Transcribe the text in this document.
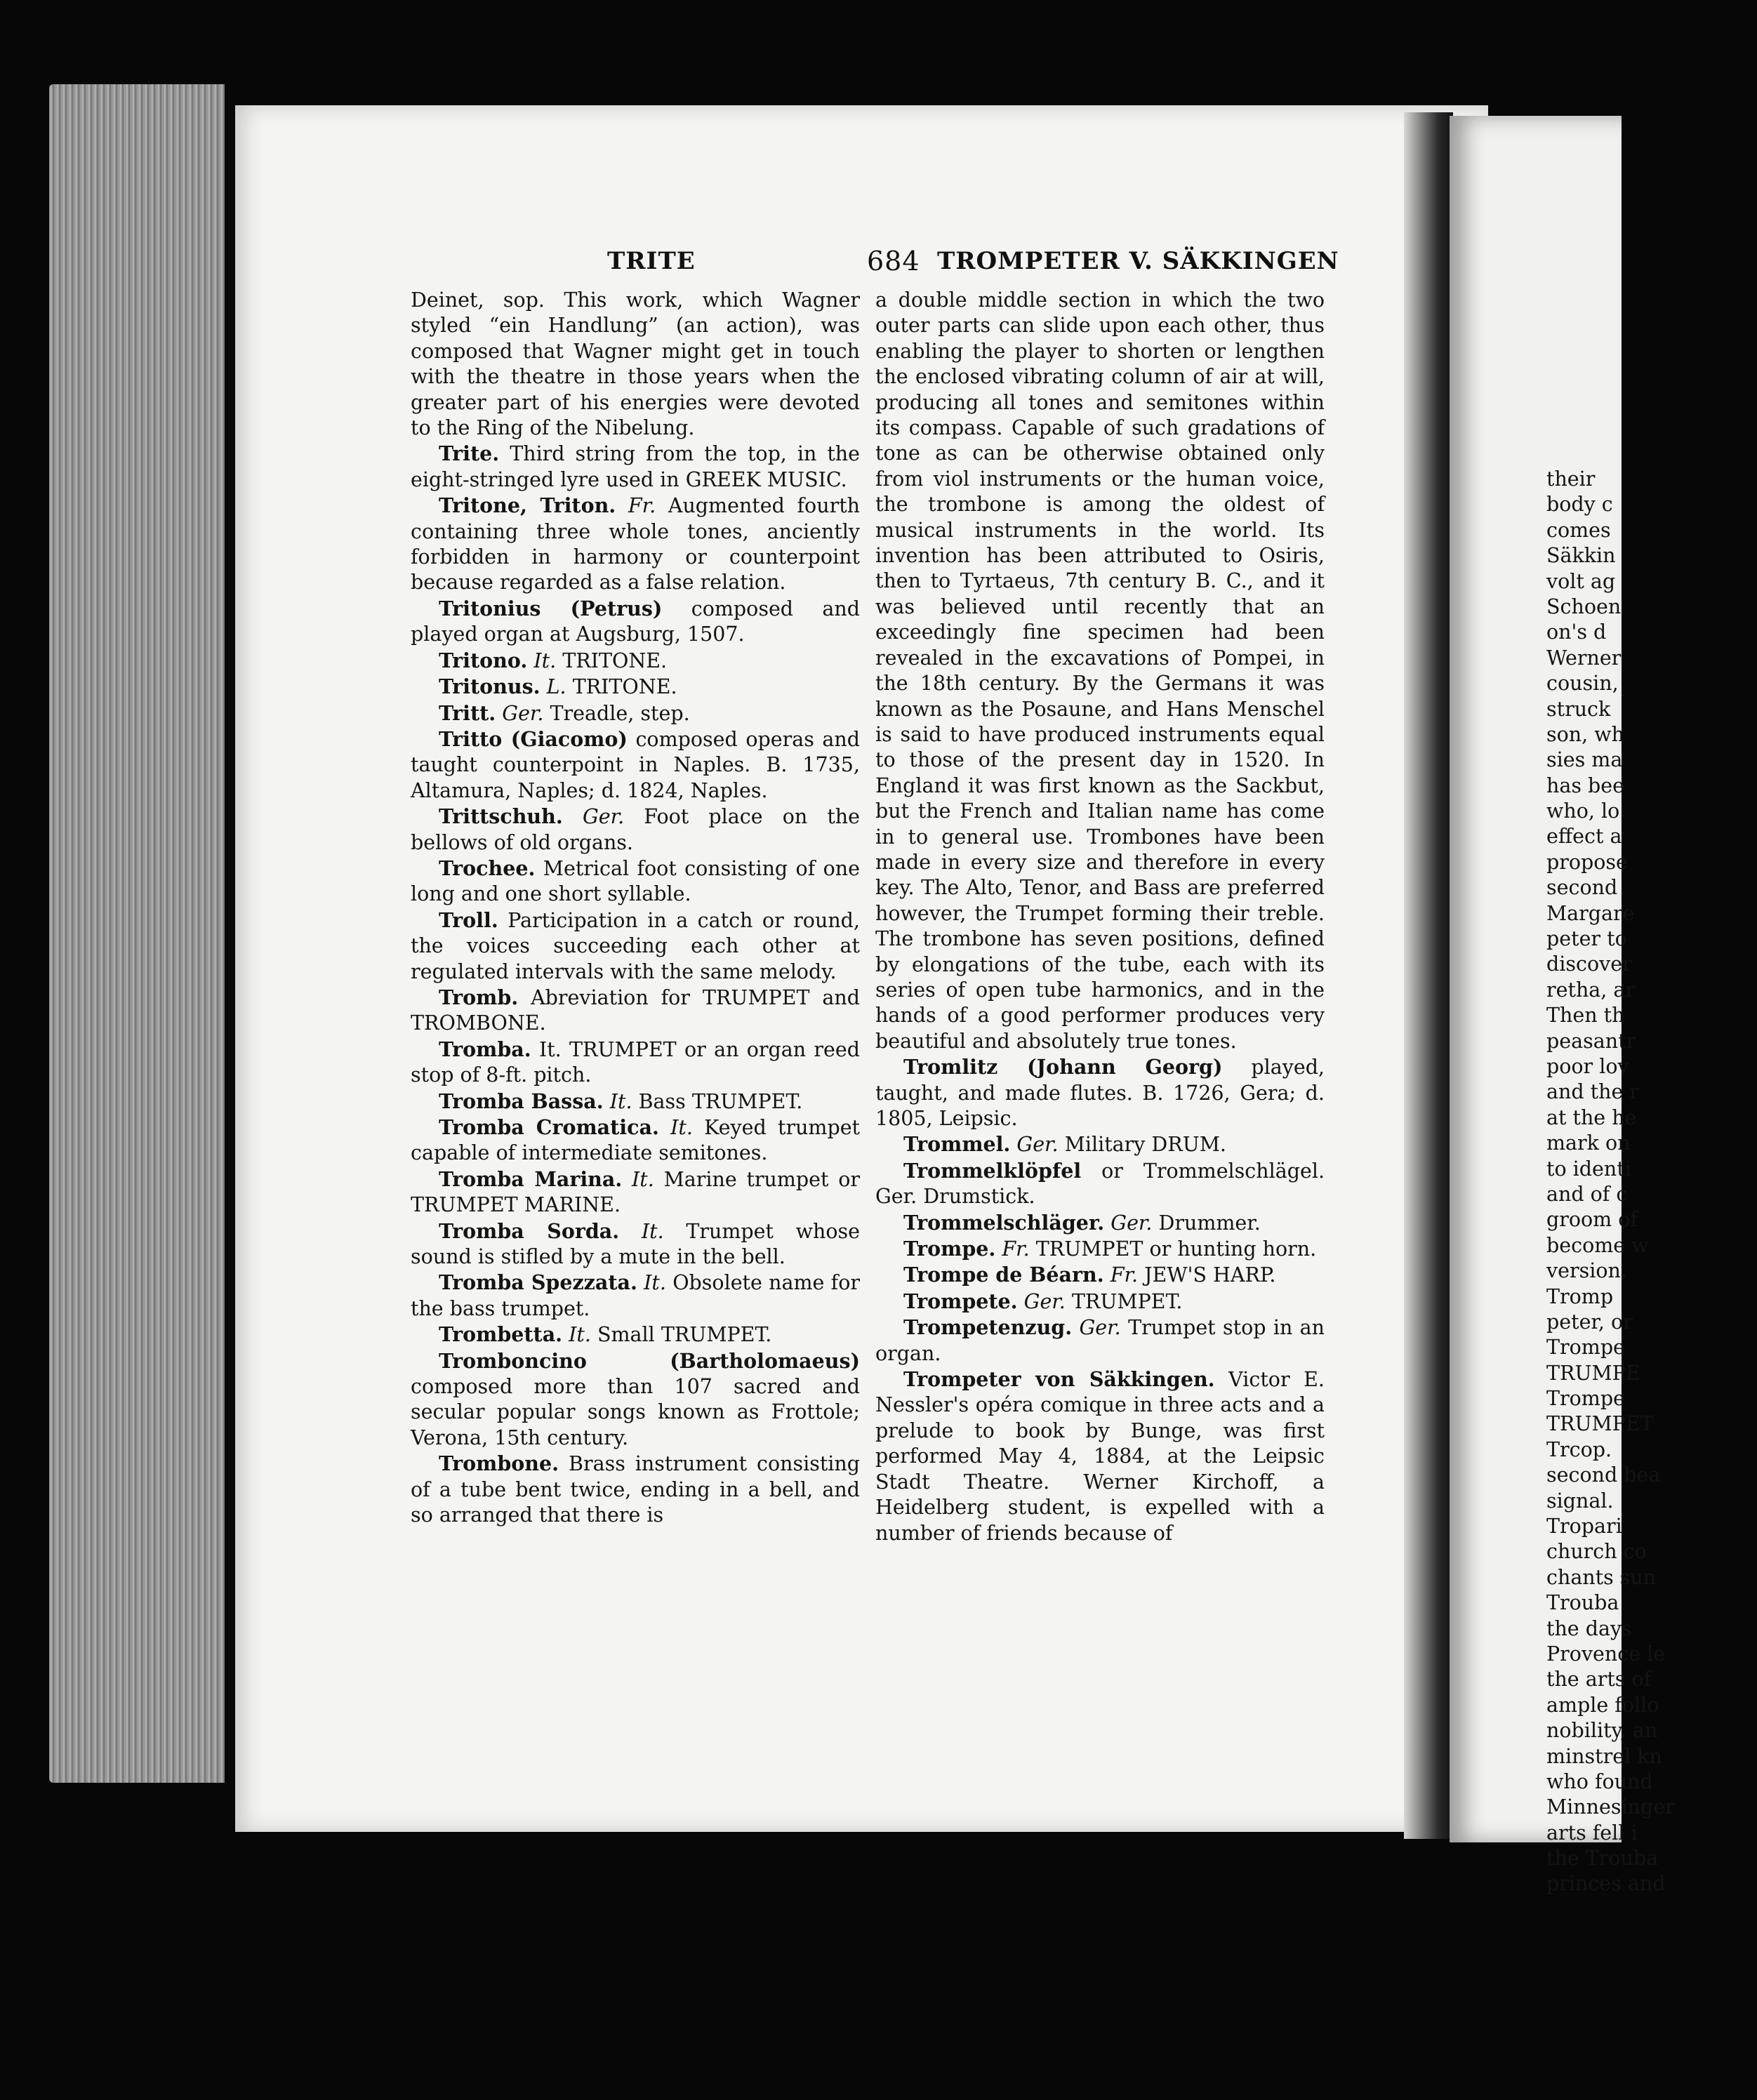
their
body c
comes
Säkkin
volt ag
Schoen
on's d
Werner
cousin,
struck
son, wh
sies ma
has bee
who, lo
effect a
propose
second
Margare
peter to
discover
retha, ar
Then th
peasantr
poor lov
and the r
at the he
mark on
to identi
and of c
groom of
become w
version.
Tromp
peter, or
Trompe
TRUMPE
Trompe
TRUMPET
Trcop.
second bea
signal.
Tropari
church co
chants sun
Trouba
the days
Provence le
the arts of
ample follo
nobility, an
minstrel kn
who found
Minnesinger
arts fell i
the Trouba
princes and
TRITE	684 TROMPETER V. SÄKKINGEN

Deinet, sop. This work, which Wagner styled “ein Handlung” (an action), was composed that Wagner might get in touch with the theatre in those years when the greater part of his energies were devoted to the Ring of the Nibelung.

Trite. Third string from the top, in the eight-stringed lyre used in GREEK MUSIC.

Tritone, Triton. Fr. Augmented fourth containing three whole tones, anciently forbidden in harmony or counterpoint because regarded as a false relation.

Tritonius (Petrus) composed and played organ at Augsburg, 1507.

Tritono. It. TRITONE.

Tritonus. L. TRITONE.

Tritt. Ger. Treadle, step.

Tritto (Giacomo) composed operas and taught counterpoint in Naples. B. 1735, Altamura, Naples; d. 1824, Naples.

Trittschuh. Ger. Foot place on the bellows of old organs.

Trochee. Metrical foot consisting of one long and one short syllable.

Troll. Participation in a catch or round, the voices succeeding each other at regulated intervals with the same melody.

Tromb. Abreviation for TRUMPET and TROMBONE.

Tromba. It. TRUMPET or an organ reed stop of 8-ft. pitch.

Tromba Bassa. It. Bass TRUMPET.

Tromba Cromatica. It. Keyed trumpet capable of intermediate semitones.

Tromba Marina. It. Marine trumpet or TRUMPET MARINE.

Tromba Sorda. It. Trumpet whose sound is stifled by a mute in the bell.

Tromba Spezzata. It. Obsolete name for the bass trumpet.

Trombetta. It. Small TRUMPET.

Tromboncino (Bartholomaeus) composed more than 107 sacred and secular popular songs known as Frottole; Verona, 15th century.

Trombone. Brass instrument consisting of a tube bent twice, ending in a bell, and so arranged that there is

a double middle section in which the two outer parts can slide upon each other, thus enabling the player to shorten or lengthen the enclosed vibrating column of air at will, producing all tones and semitones within its compass. Capable of such gradations of tone as can be otherwise obtained only from viol instruments or the human voice, the trombone is among the oldest of musical instruments in the world. Its invention has been attributed to Osiris, then to Tyrtaeus, 7th century B. C., and it was believed until recently that an exceedingly fine specimen had been revealed in the excavations of Pompei, in the 18th century. By the Germans it was known as the Posaune, and Hans Menschel is said to have produced instruments equal to those of the present day in 1520. In England it was first known as the Sackbut, but the French and Italian name has come in to general use. Trombones have been made in every size and therefore in every key. The Alto, Tenor, and Bass are preferred however, the Trumpet forming their treble. The trombone has seven positions, defined by elongations of the tube, each with its series of open tube harmonics, and in the hands of a good performer produces very beautiful and absolutely true tones.

Tromlitz (Johann Georg) played, taught, and made flutes. B. 1726, Gera; d. 1805, Leipsic.

Trommel. Ger. Military DRUM.

Trommelklöpfel or Trommelschlägel. Ger. Drumstick.

Trommelschläger. Ger. Drummer.

Trompe. Fr. TRUMPET or hunting horn.

Trompe de Béarn. Fr. JEW'S HARP.

Trompete. Ger. TRUMPET.

Trompetenzug. Ger. Trumpet stop in an organ.

Trompeter von Säkkingen. Victor E. Nessler's opéra comique in three acts and a prelude to book by Bunge, was first performed May 4, 1884, at the Leipsic Stadt Theatre. Werner Kirchoff, a Heidelberg student, is expelled with a number of friends because of
